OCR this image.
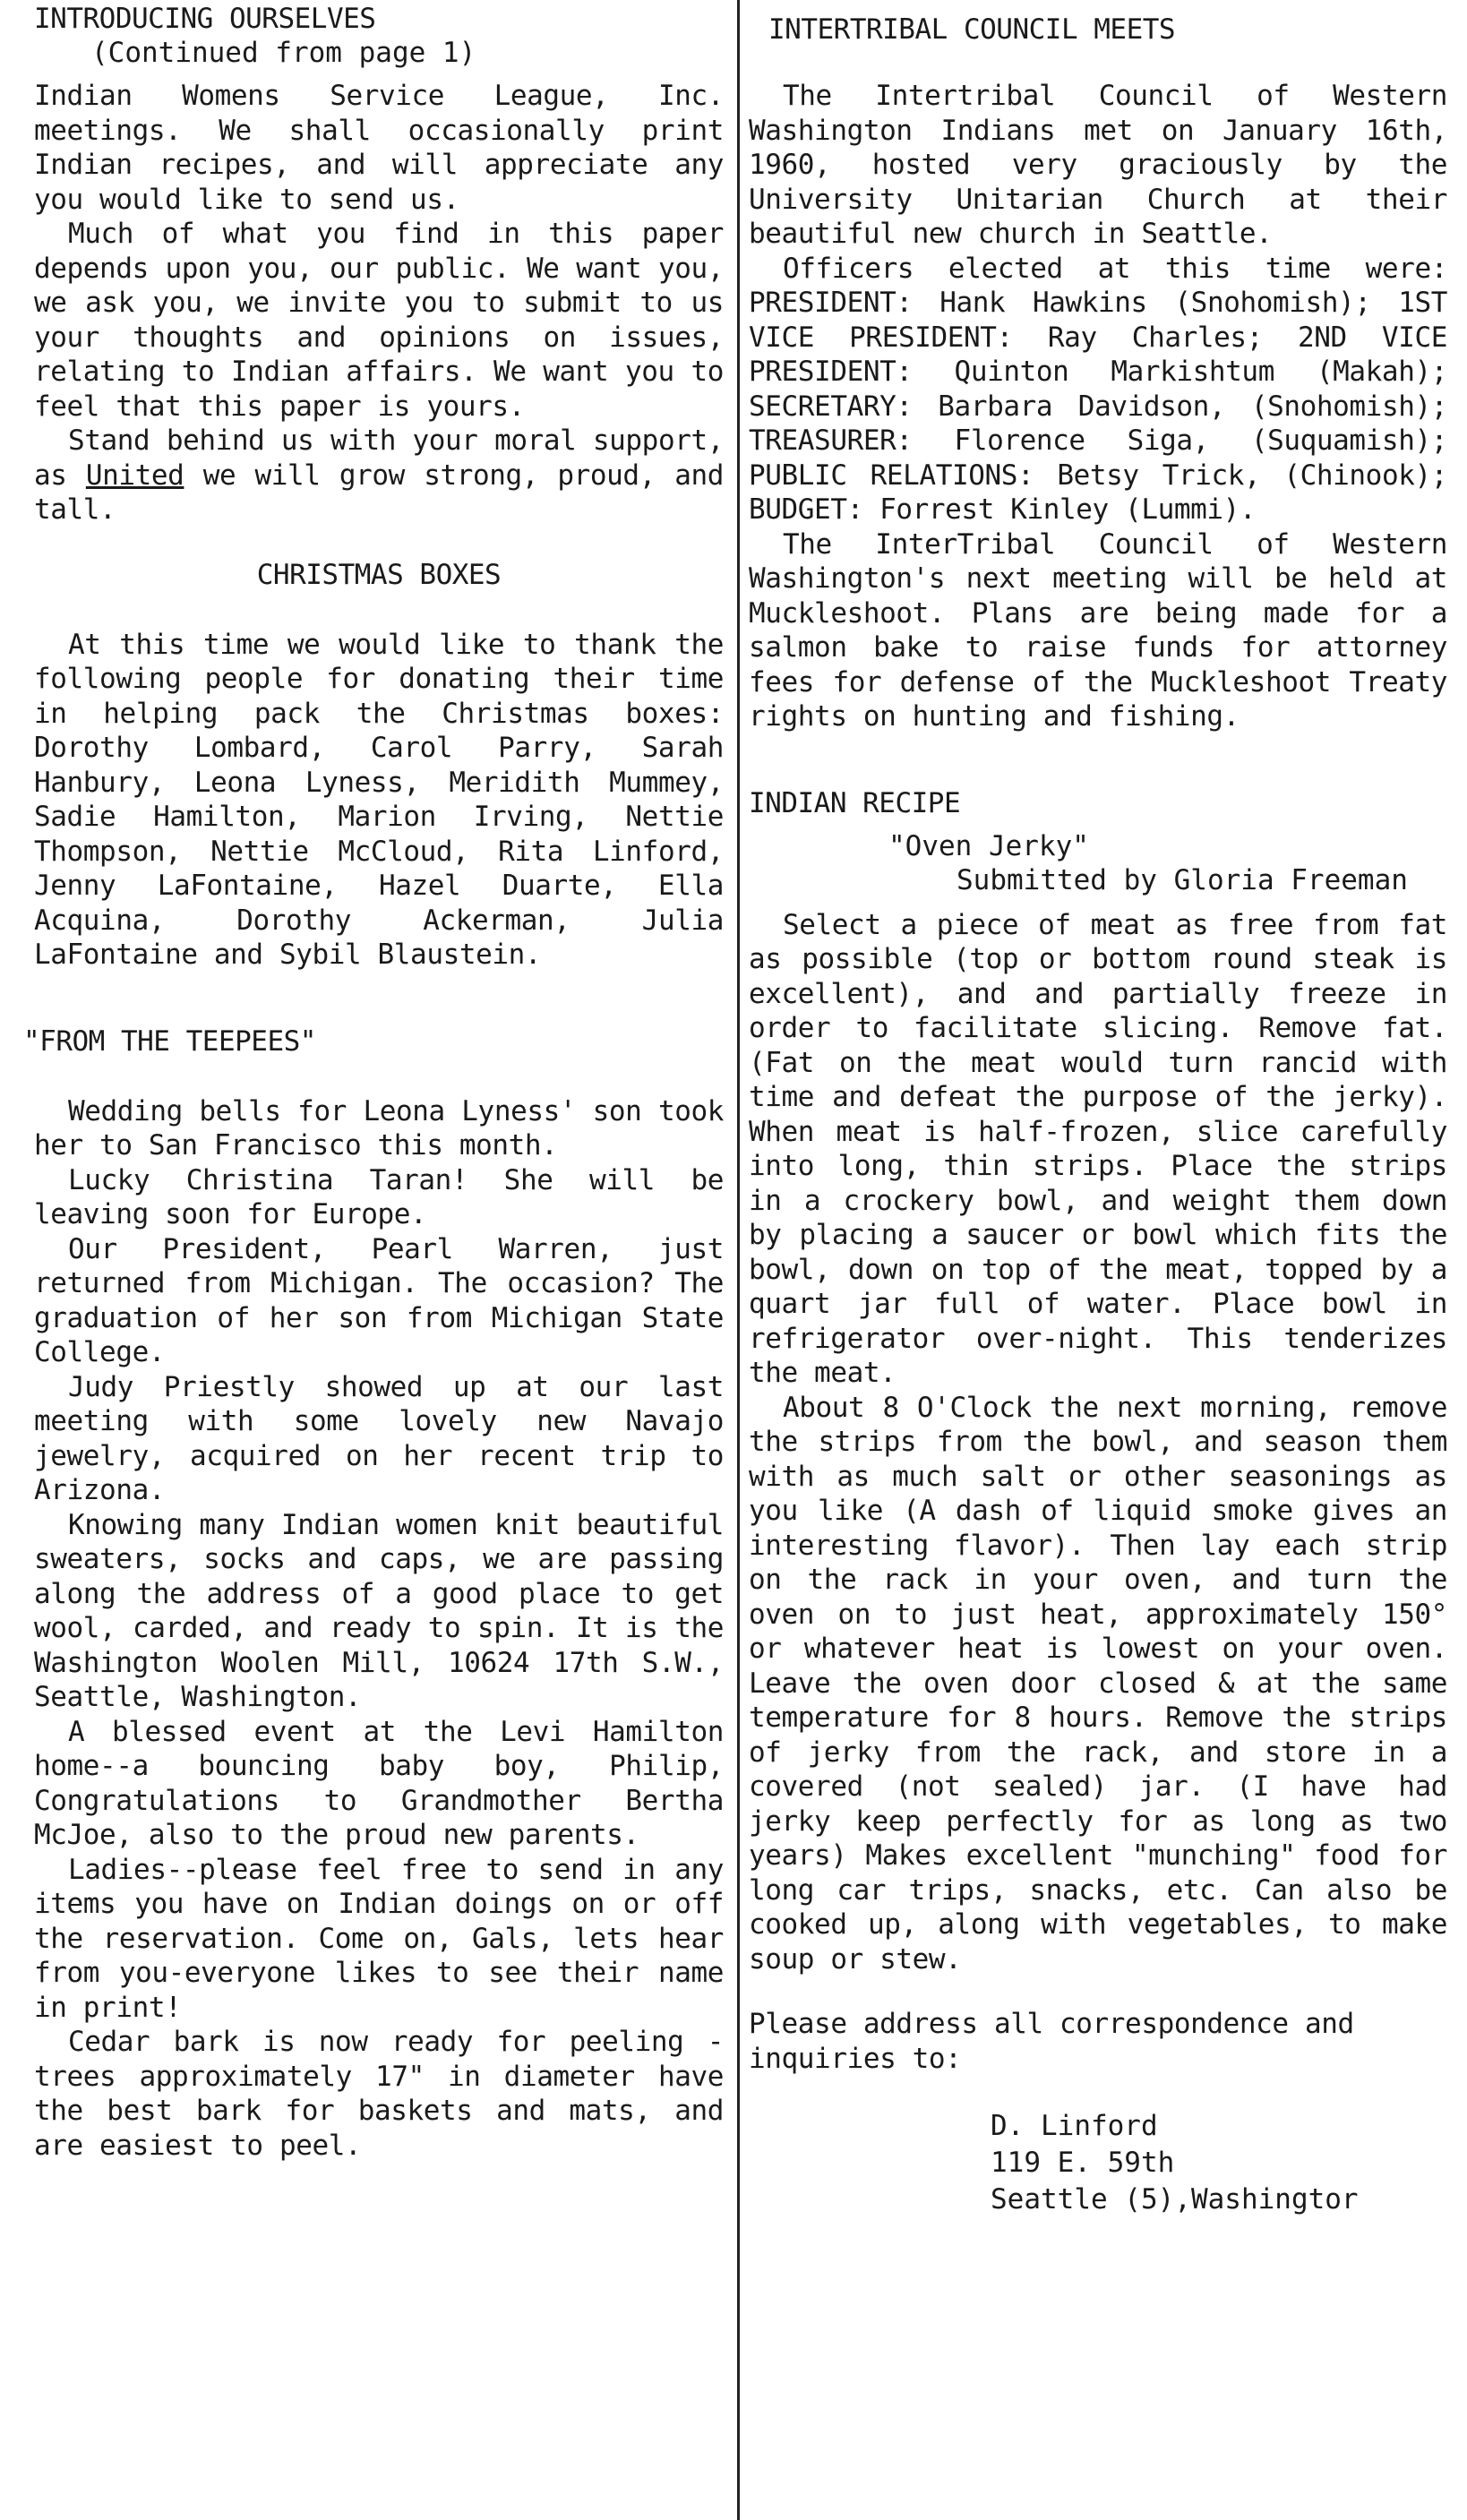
INTRODUCING OURSELVES

(Continued from page 1)

Indian Womens Service League, Inc. meetings. We shall occasionally print Indian recipes, and will appreciate any you would like to send us.

Much of what you find in this paper depends upon you, our public. We want you, we ask you, we invite you to submit to us your thoughts and opinions on issues, relating to Indian affairs. We want you to feel that this paper is yours.

Stand behind us with your moral support, as United we will grow strong, proud, and tall.

CHRISTMAS BOXES

At this time we would like to thank the following people for donating their time in helping pack the Christmas boxes: Dorothy Lombard, Carol Parry, Sarah Hanbury, Leona Lyness, Meridith Mummey, Sadie Hamilton, Marion Irving, Nettie Thompson, Nettie McCloud, Rita Linford, Jenny LaFontaine, Hazel Duarte, Ella Acquina, Dorothy Ackerman, Julia LaFontaine and Sybil Blaustein.

"FROM THE TEEPEES"

Wedding bells for Leona Lyness' son took her to San Francisco this month.

Lucky Christina Taran! She will be leaving soon for Europe.

Our President, Pearl Warren, just returned from Michigan. The occasion? The graduation of her son from Michigan State College.

Judy Priestly showed up at our last meeting with some lovely new Navajo jewelry, acquired on her recent trip to Arizona.

Knowing many Indian women knit beautiful sweaters, socks and caps, we are passing along the address of a good place to get wool, carded, and ready to spin. It is the Washington Woolen Mill, 10624 17th S.W., Seattle, Washington.

A blessed event at the Levi Hamilton home--a bouncing baby boy, Philip, Congratulations to Grandmother Bertha McJoe, also to the proud new parents.

Ladies--please feel free to send in any items you have on Indian doings on or off the reservation. Come on, Gals, lets hear from you-everyone likes to see their name in print!

Cedar bark is now ready for peeling - trees approximately 17" in diameter have the best bark for baskets and mats, and are easiest to peel.

INTERTRIBAL COUNCIL MEETS

The Intertribal Council of Western Washington Indians met on January 16th, 1960, hosted very graciously by the University Unitarian Church at their beautiful new church in Seattle.

Officers elected at this time were: PRESIDENT: Hank Hawkins (Snohomish); 1ST VICE PRESIDENT: Ray Charles; 2ND VICE PRESIDENT: Quinton Markishtum (Makah); SECRETARY: Barbara Davidson, (Snohomish); TREASURER: Florence Siga, (Suquamish); PUBLIC RELATIONS: Betsy Trick, (Chinook); BUDGET: Forrest Kinley (Lummi).

The InterTribal Council of Western Washington's next meeting will be held at Muckleshoot. Plans are being made for a salmon bake to raise funds for attorney fees for defense of the Muckleshoot Treaty rights on hunting and fishing.

INDIAN RECIPE

"Oven Jerky"

Submitted by Gloria Freeman

Select a piece of meat as free from fat as possible (top or bottom round steak is excellent), and and partially freeze in order to facilitate slicing. Remove fat. (Fat on the meat would turn rancid with time and defeat the purpose of the jerky). When meat is half-frozen, slice carefully into long, thin strips. Place the strips in a crockery bowl, and weight them down by placing a saucer or bowl which fits the bowl, down on top of the meat, topped by a quart jar full of water. Place bowl in refrigerator over-night. This tenderizes the meat.

About 8 O'Clock the next morning, remove the strips from the bowl, and season them with as much salt or other seasonings as you like (A dash of liquid smoke gives an interesting flavor). Then lay each strip on the rack in your oven, and turn the oven on to just heat, approximately 150° or whatever heat is lowest on your oven. Leave the oven door closed & at the same temperature for 8 hours. Remove the strips of jerky from the rack, and store in a covered (not sealed) jar. (I have had jerky keep perfectly for as long as two years) Makes excellent "munching" food for long car trips, snacks, etc. Can also be cooked up, along with vegetables, to make soup or stew.

Please address all correspondence and inquiries to:

D. Linford

119 E. 59th

Seattle (5),Washingtor
